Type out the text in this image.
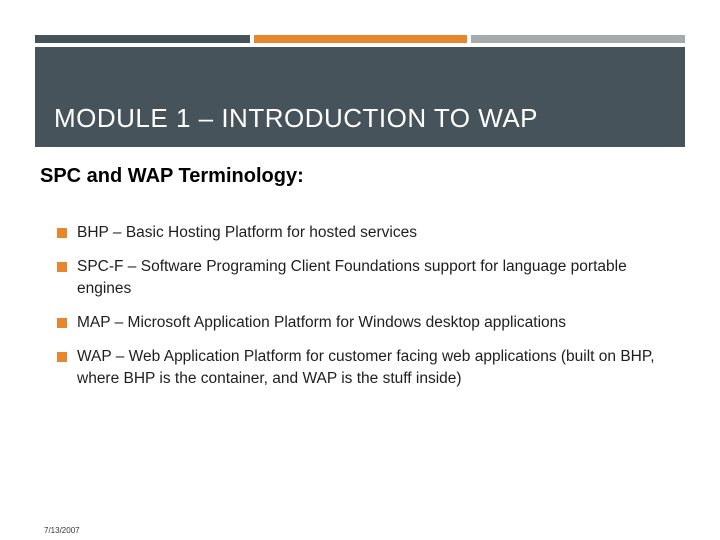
MODULE 1 – INTRODUCTION TO WAP
SPC and WAP Terminology:
BHP – Basic Hosting Platform for hosted services
SPC-F – Software Programing Client Foundations support for language portable engines
MAP – Microsoft Application Platform for Windows desktop applications
WAP – Web Application Platform for customer facing web applications (built on BHP, where BHP is the container, and WAP is the stuff inside)
7/13/2007
